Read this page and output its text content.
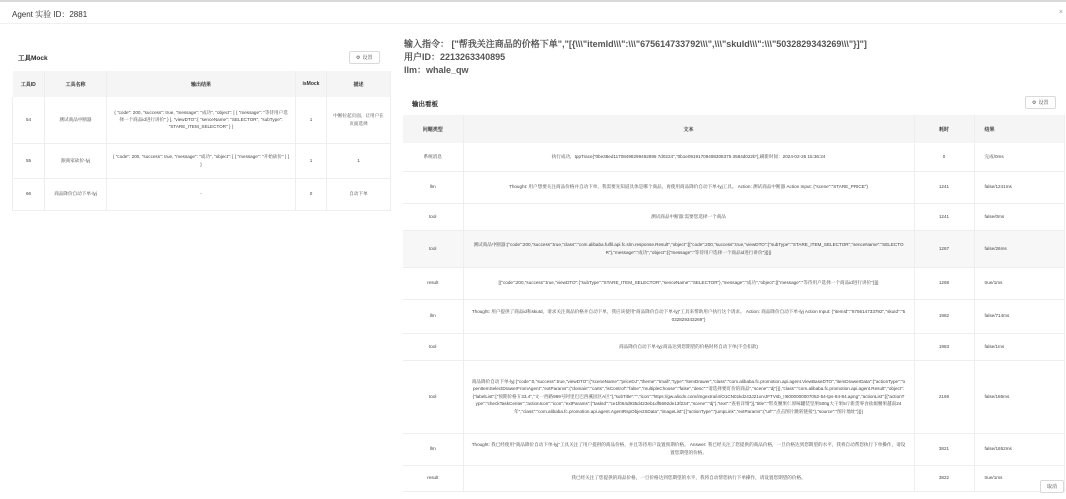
Agent 实验 ID：2881	×
工具Mock	⚙ 设置
工具ID	工具名称	输出结果	isMock	描述
54	测试商品中断器	{ "code": 200, "success": true, "message": "成功", "object": [ { "message": "等待用户选择一个商品id进行讲价" } ], "viewDTO":{ "senceName": "SELECTOR", "subType": "STARE_ITEM_SELECTOR" } }	1	中断拉起页面，让用户在页面选择
55	跟商家砍价-lyj	{ "code": 200, "success": true, "message": "成功", "object": [ { "message": "开始砍价" } ] }	1	1
66	商品降价自动下单-lyj	-	0	自动下单
输入指令： ["帮我关注商品的价格下单","[{\\\"itemId\\\":\\\"675614733792\\\",\\\"skuId\\\":\\\"5032829343269\\\"}]"]
用户ID：2213263340895
llm：whale_qw
输出看板	⚙ 设置
问题类型	文本	耗时	结果
系统消息	执行成功，tppTrace["0be38ed11708498299492895 7d0224","0b1e09191708498308375 3584d022b"],刷新时间：2024-02-26 15:36:24	0	完成/0ms
llm	Thought: 用户想要关注商品价格并自动下单，我需要先知道具体是哪个商品，再使用商品降价自动下单-lyj工具。 Action: 测试商品中断器 Action Input: {"scene":"STARE_PRICE"}	1241	false/1241ms
tool	测试商品中断器:需要您选择一个商品	1241	false/0ms
tool	测试商品中断器:{"code":200,"success":true,"class":"com.alibaba.fulfil.api.fc.slm.response.Result","object":[{"code":200,"success":true,"viewDTO":{"subType":"STARE_ITEM_SELECTOR","senceName":"SELECTOR"},"message":"成功","object":[{"message":"等待用户选择一个商品id进行讲价"}]}]}	1267	false/26ms
result	[{"code":200,"success":true,"viewDTO":{"subType":"STARE_ITEM_SELECTOR","senceName":"SELECTOR"},"message":"成功","object":[{"message":"等待用户选择一个商品id进行讲价"}]}]	1268	true/1ms
llm	Thought: 用户提供了商品id和skuId，请求关注商品价格并自动下单，我应该使用"商品降价自动下单-lyj"工具来帮助用户执行这个请求。 Action: 商品降价自动下单-lyj Action Input: {"itemId":"675614733792","skuId":"5032829343269"}	1982	false/714ms
tool	商品降价自动下单-lyj:商品达到您期望的价格时将自动下单(不会扣款)	1983	false/1ms
tool	商品降价自动下单-lyj:{"code":0,"success":true,"viewDTO":{"sceneName":"priceDJ","theme":"tmall","type":"itemDrawer","class":"com.alibaba.fc.promotion.api.agent.ViewBaseDTO","itemDrawerData":{"actionType":"openItemSelectDrawerFromAgent","extParams":{"domain":"carts","isControl":"false","multipleChoose":"false","desc":"请选择要盯价的商品","scene":"dj"}}},"class":"com.alibaba.fc.promotion.api.agent.Result","object":{"labelList":["预期价格￥33.4","文一西路969号阿里巴巴西溪园区A区"],"subTitle":"","icon":"https://gw.alicdn.com/imgextra/i4/O1CN01kdz43J21xrvJFTVsb_!!6000000007052-54-tps-84-84.apng","actionList":[{"actionType":"checkTaskCenter","actionIcon":"icon","extParams":{"taskId":"ce1f064d935d423eb1df5692de13f234","scene":"dj"},"text":"查看详情"}],"title":"带皮腰果仁原味罐装坚果500g大干果5斤新货零食盐焗腰果越南24年","class":"com.alibaba.fc.promotion.api.agent.AgentRspObjectSData","imageList":[{"actionType":"jumpLink","extParams":{"url":"点击图片跳转链接"},"source":"图片地址"}]}}	2169	false/186ms
llm	Thought: 我已经使用"商品降价自动下单-lyj"工具关注了用户提供的商品价格，并且等待用户设置预期价格。 Answer: 我已经关注了您提供的商品价格，一旦价格达到您期望的水平，我将自动帮您执行下单操作，请设置您期望的价格。	3821	false/1652ms
result	我已经关注了您提供的商品价格，一旦价格达到您期望的水平，我将自动帮您执行下单操作，请设置您期望的价格。	3822	true/1ms
取消
